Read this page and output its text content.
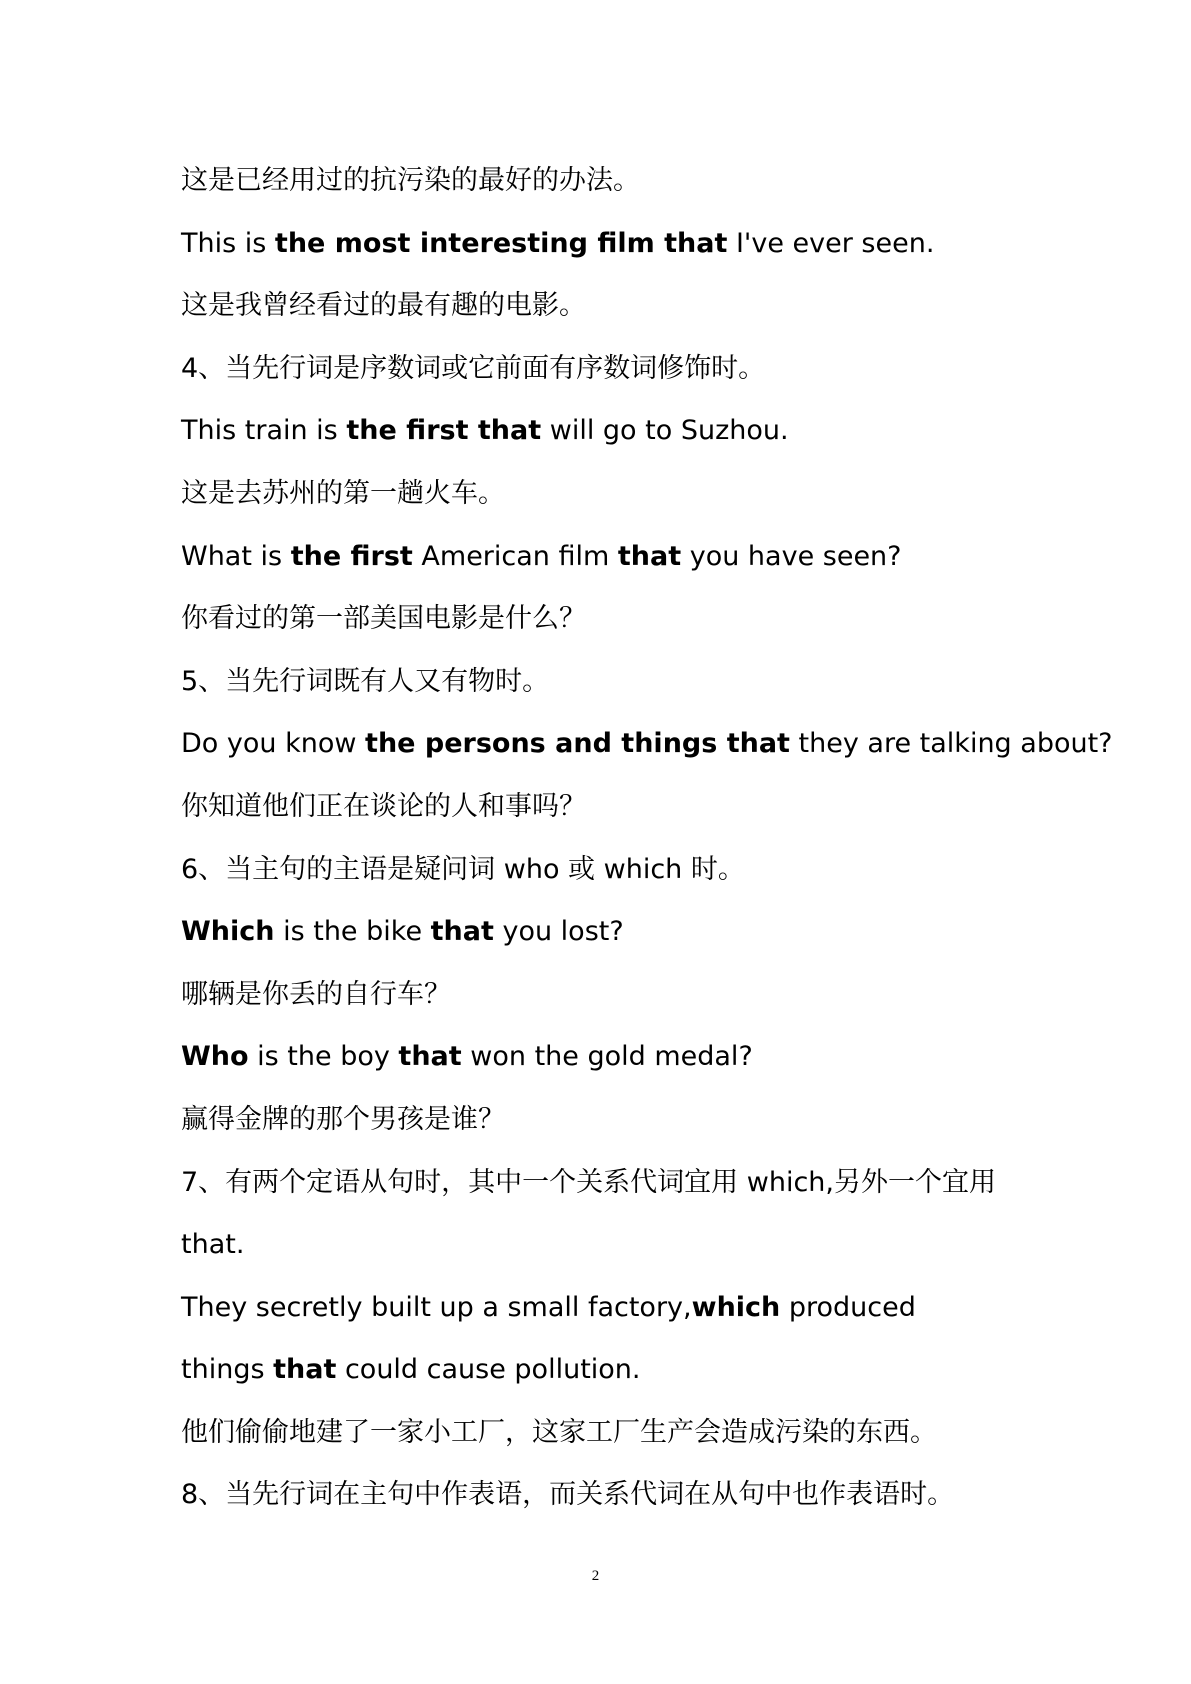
这是已经用过的抗污染的最好的办法。
This is the most interesting film that I've ever seen.
这是我曾经看过的最有趣的电影。
4、当先行词是序数词或它前面有序数词修饰时。
This train is the first that will go to Suzhou.
这是去苏州的第一趟火车。
What is the first American film that you have seen?
你看过的第一部美国电影是什么？
5、当先行词既有人又有物时。
Do you know the persons and things that they are talking about?
你知道他们正在谈论的人和事吗？
6、当主句的主语是疑问词 who 或 which 时。
Which is the bike that you lost?
哪辆是你丢的自行车？
Who is the boy that won the gold medal?
赢得金牌的那个男孩是谁？
7、有两个定语从句时，其中一个关系代词宜用 which,另外一个宜用
that.
They secretly built up a small factory,which produced
things that could cause pollution.
他们偷偷地建了一家小工厂，这家工厂生产会造成污染的东西。
8、当先行词在主句中作表语，而关系代词在从句中也作表语时。
2
